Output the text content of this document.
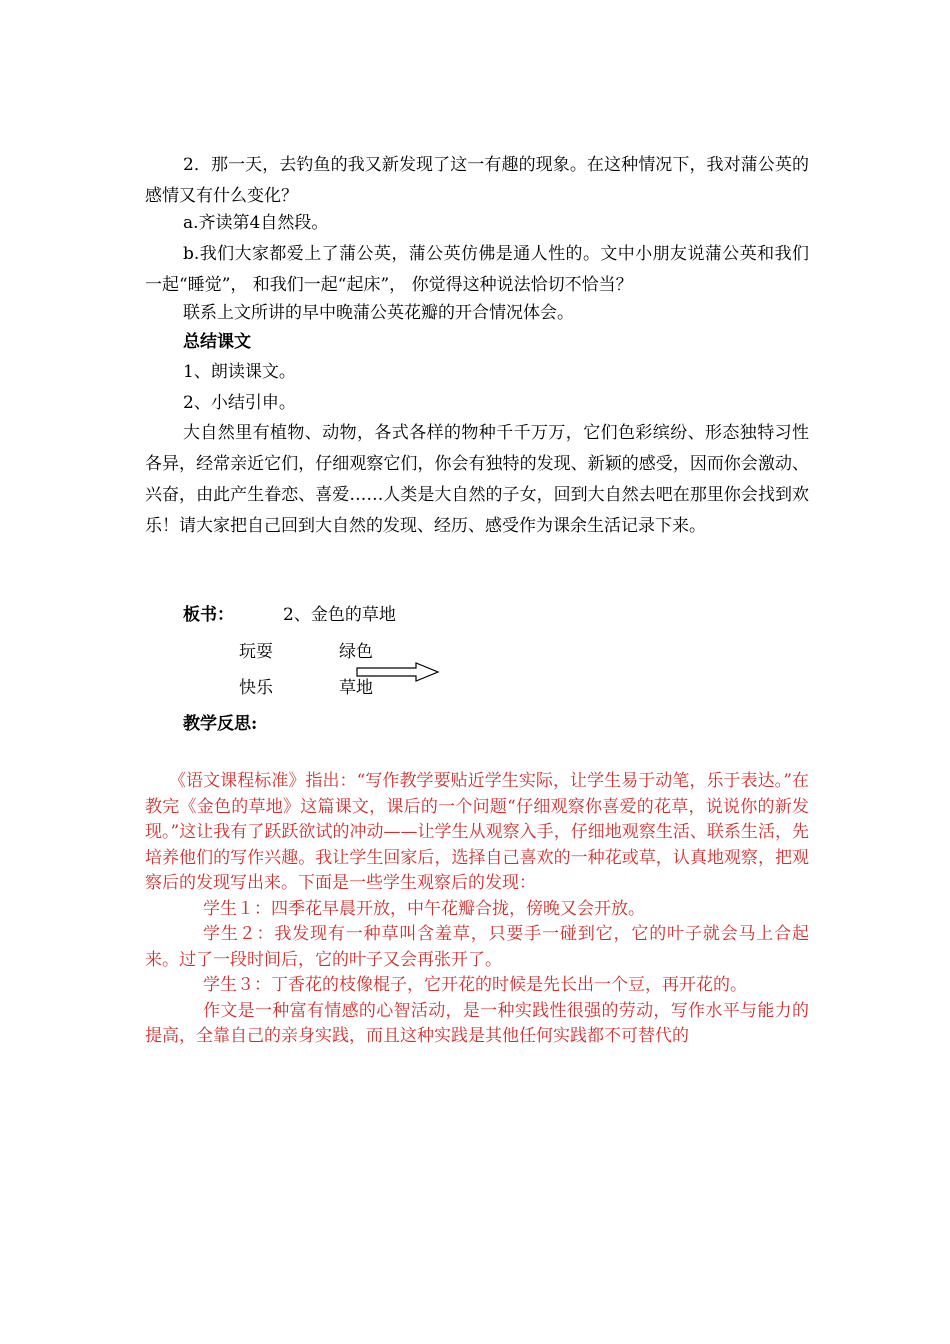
2．那一天，去钓鱼的我又新发现了这一有趣的现象。在这种情况下，我对蒲公英的感情又有什么变化？

a.齐读第4自然段。

b.我们大家都爱上了蒲公英，蒲公英仿佛是通人性的。文中小朋友说蒲公英和我们一起“睡觉”， 和我们一起“起床”， 你觉得这种说法恰切不恰当？

联系上文所讲的早中晚蒲公英花瓣的开合情况体会。

总结课文

1、朗读课文。

2、小结引申。

大自然里有植物、动物，各式各样的物种千千万万，它们色彩缤纷、形态独特习性各异，经常亲近它们，仔细观察它们，你会有独特的发现、新颖的感受，因而你会激动、兴奋，由此产生眷恋、喜爱……人类是大自然的子女，回到大自然去吧在那里你会找到欢乐！请大家把自己回到大自然的发现、经历、感受作为课余生活记录下来。

板书：	2、金色的草地
玩耍	绿色
快乐	草地

教学反思:

《语文课程标准》指出：“写作教学要贴近学生实际，让学生易于动笔，乐于表达。”在教完《金色的草地》这篇课文，课后的一个问题“仔细观察你喜爱的花草，说说你的新发现。”这让我有了跃跃欲试的冲动——让学生从观察入手，仔细地观察生活、联系生活，先培养他们的写作兴趣。我让学生回家后，选择自己喜欢的一种花或草，认真地观察，把观察后的发现写出来。下面是一些学生观察后的发现：
学生１：四季花早晨开放，中午花瓣合拢，傍晚又会开放。
学生２：我发现有一种草叫含羞草，只要手一碰到它，它的叶子就会马上合起来。过了一段时间后，它的叶子又会再张开了。
学生３：丁香花的枝像棍子，它开花的时候是先长出一个豆，再开花的。
作文是一种富有情感的心智活动，是一种实践性很强的劳动，写作水平与能力的提高，全靠自己的亲身实践，而且这种实践是其他任何实践都不可替代的
